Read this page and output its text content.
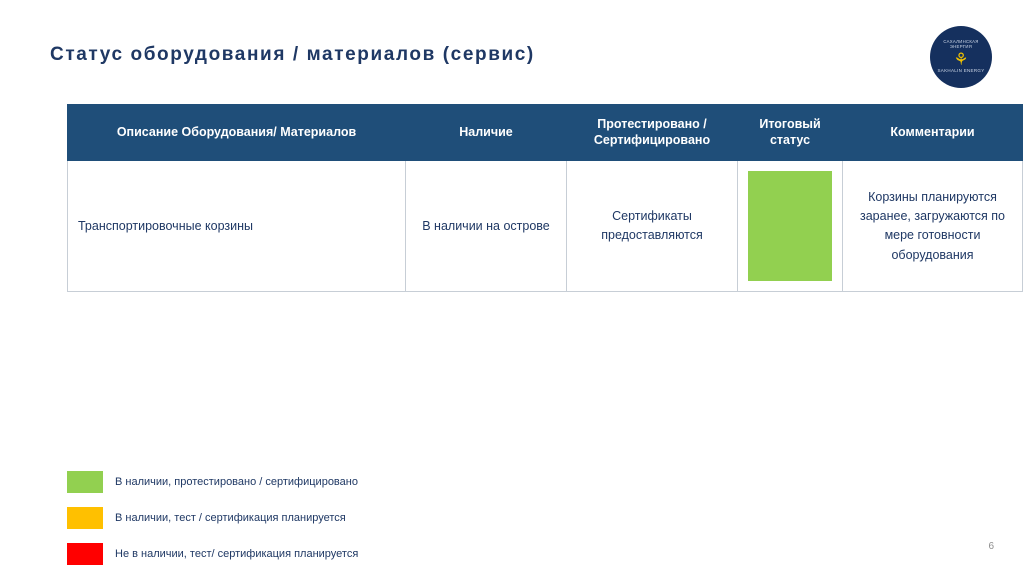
Статус оборудования / материалов (сервис)
САХАЛИНСКАЯ ЭНЕРГИЯ
⚘
SAKHALIN ENERGY
Описание Оборудования/ Материалов	Наличие	Протестировано / Сертифицировано	Итоговый статус	Комментарии
Транспортировочные корзины	В наличии на острове	Сертификаты предоставляются		Корзины планируются заранее, загружаются по мере готовности оборудования
В наличии, протестировано / сертифицировано
В наличии, тест / сертификация планируется
Не в наличии, тест/ сертификация планируется
6
